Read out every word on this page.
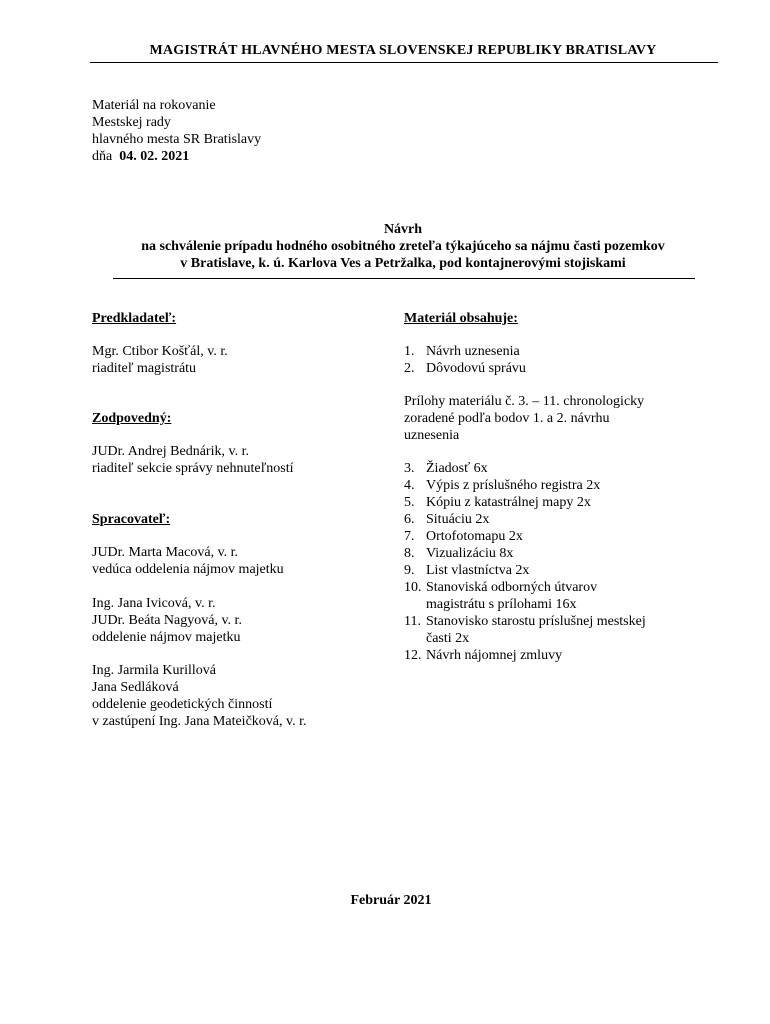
MAGISTRÁT HLAVNÉHO MESTA SLOVENSKEJ REPUBLIKY BRATISLAVY
Materiál na rokovanie
Mestskej rady
hlavného mesta SR Bratislavy
dňa 04. 02. 2021
Návrh
na schválenie prípadu hodného osobitného zreteľa týkajúceho sa nájmu časti pozemkov
v Bratislave, k. ú. Karlova Ves a Petržalka, pod kontajnerovými stojiskami
Predkladateľ:
Mgr. Ctibor Košťál, v. r.
riaditeľ magistrátu
Zodpovedný:
JUDr. Andrej Bednárik, v. r.
riaditeľ sekcie správy nehnuteľností
Spracovateľ:
JUDr. Marta Macová, v. r.
vedúca oddelenia nájmov majetku
Ing. Jana Ivicová, v. r.
JUDr. Beáta Nagyová, v. r.
oddelenie nájmov majetku
Ing. Jarmila Kurillová
Jana Sedláková
oddelenie geodetických činností
v zastúpení Ing. Jana Mateičková, v. r.
Materiál obsahuje:
1. Návrh uznesenia
2. Dôvodovú správu
Prílohy materiálu č. 3. – 11. chronologicky
zoradené podľa bodov 1. a 2. návrhu
uznesenia
3. Žiadosť 6x
4. Výpis z príslušného registra 2x
5. Kópiu z katastrálnej mapy 2x
6. Situáciu 2x
7. Ortofotomapu 2x
8. Vizualizáciu 8x
9. List vlastníctva 2x
10. Stanoviská odborných útvarov
magistrátu s prílohami 16x
11. Stanovisko starostu príslušnej mestskej
časti 2x
12. Návrh nájomnej zmluvy
Február 2021
